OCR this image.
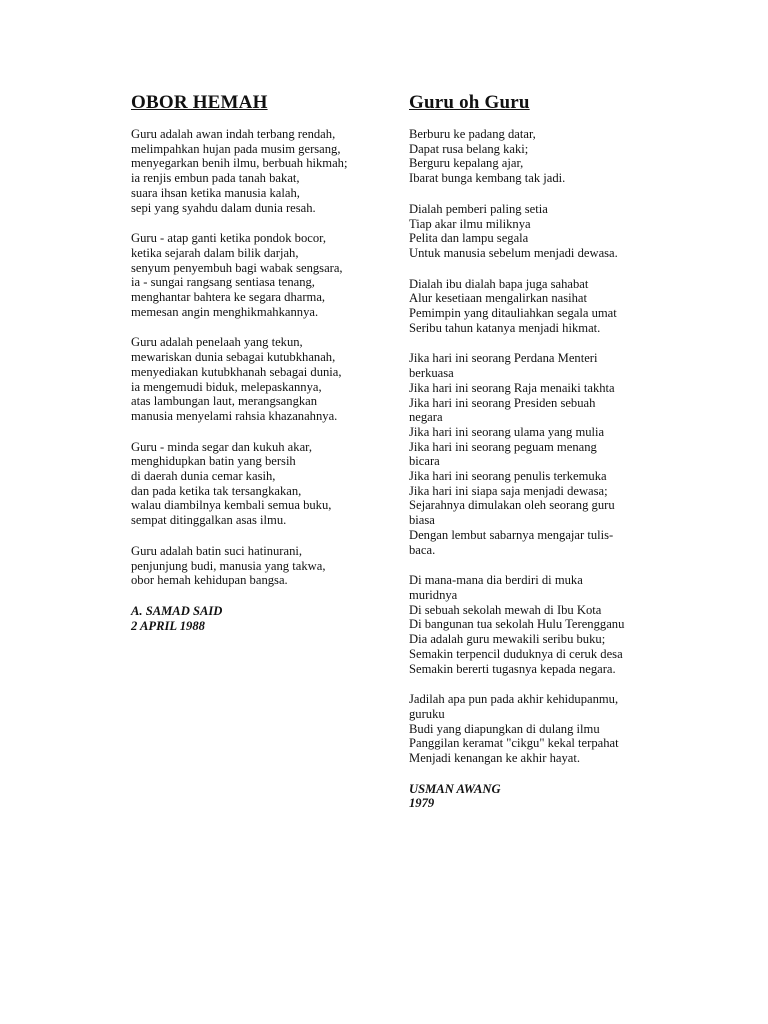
OBOR HEMAH
Guru adalah awan indah terbang rendah,
melimpahkan hujan pada musim gersang,
menyegarkan benih ilmu, berbuah hikmah;
ia renjis embun pada tanah bakat,
suara ihsan ketika manusia kalah,
sepi yang syahdu dalam dunia resah.
Guru - atap ganti ketika pondok bocor,
ketika sejarah dalam bilik darjah,
senyum penyembuh bagi wabak sengsara,
ia - sungai rangsang sentiasa tenang,
menghantar bahtera ke segara dharma,
memesan angin menghikmahkannya.
Guru adalah penelaah yang tekun,
mewariskan dunia sebagai kutubkhanah,
menyediakan kutubkhanah sebagai dunia,
ia mengemudi biduk, melepaskannya,
atas lambungan laut, merangsangkan
manusia menyelami rahsia khazanahnya.
Guru - minda segar dan kukuh akar,
menghidupkan batin yang bersih
di daerah dunia cemar kasih,
dan pada ketika tak tersangkakan,
walau diambilnya kembali semua buku,
sempat ditinggalkan asas ilmu.
Guru adalah batin suci hatinurani,
penjunjung budi, manusia yang takwa,
obor hemah kehidupan bangsa.
A. SAMAD SAID
2 APRIL 1988
Guru oh Guru
Berburu ke padang datar,
Dapat rusa belang kaki;
Berguru kepalang ajar,
Ibarat bunga kembang tak jadi.
Dialah pemberi paling setia
Tiap akar ilmu miliknya
Pelita dan lampu segala
Untuk manusia sebelum menjadi dewasa.
Dialah ibu dialah bapa juga sahabat
Alur kesetiaan mengalirkan nasihat
Pemimpin yang ditauliahkan segala umat
Seribu tahun katanya menjadi hikmat.
Jika hari ini seorang Perdana Menteri
berkuasa
Jika hari ini seorang Raja menaiki takhta
Jika hari ini seorang Presiden sebuah
negara
Jika hari ini seorang ulama yang mulia
Jika hari ini seorang peguam menang
bicara
Jika hari ini seorang penulis terkemuka
Jika hari ini siapa saja menjadi dewasa;
Sejarahnya dimulakan oleh seorang guru
biasa
Dengan lembut sabarnya mengajar tulis-
baca.
Di mana-mana dia berdiri di muka
muridnya
Di sebuah sekolah mewah di Ibu Kota
Di bangunan tua sekolah Hulu Terengganu
Dia adalah guru mewakili seribu buku;
Semakin terpencil duduknya di ceruk desa
Semakin bererti tugasnya kepada negara.
Jadilah apa pun pada akhir kehidupanmu,
guruku
Budi yang diapungkan di dulang ilmu
Panggilan keramat "cikgu" kekal terpahat
Menjadi kenangan ke akhir hayat.
USMAN AWANG
1979
